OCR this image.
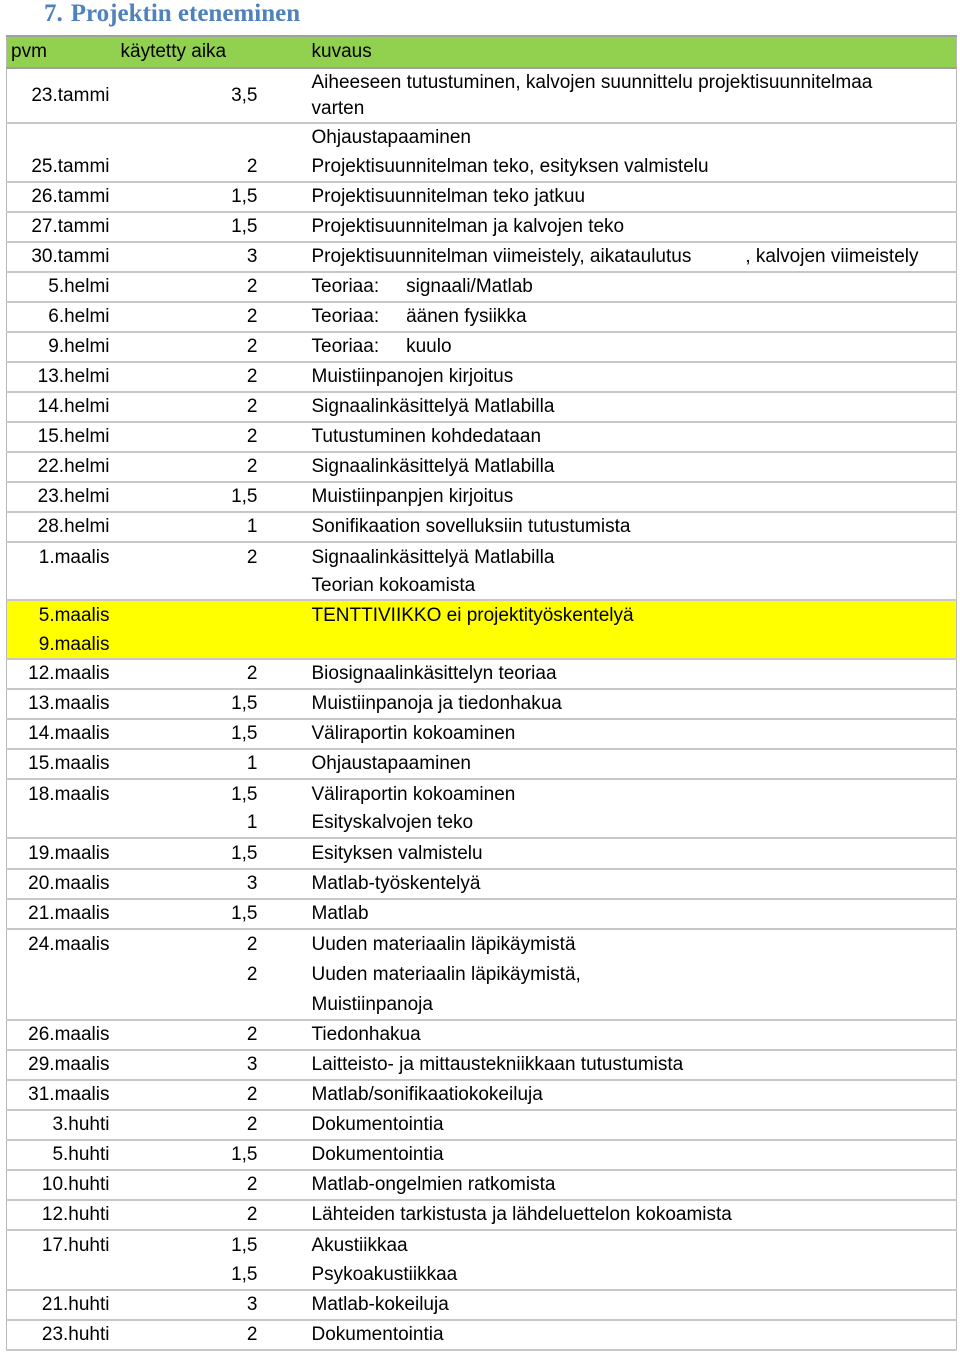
7. Projektin eteneminen
pvm	käytetty aika	kuvaus
23.tammi	3,5	Aiheeseen tutustuminen, kalvojen suunnittelu projektisuunnitelmaa
varten
		Ohjaustapaaminen
25.tammi	2	Projektisuunnitelman teko, esityksen valmistelu
26.tammi	1,5	Projektisuunnitelman teko jatkuu
27.tammi	1,5	Projektisuunnitelman ja kalvojen teko
30.tammi	3	Projektisuunnitelman viimeistely, aikataulutus , kalvojen viimeistely
5.helmi	2	Teoriaa: signaali/Matlab
6.helmi	2	Teoriaa: äänen fysiikka
9.helmi	2	Teoriaa: kuulo
13.helmi	2	Muistiinpanojen kirjoitus
14.helmi	2	Signaalinkäsittelyä Matlabilla
15.helmi	2	Tutustuminen kohdedataan
22.helmi	2	Signaalinkäsittelyä Matlabilla
23.helmi	1,5	Muistiinpanpjen kirjoitus
28.helmi	1	Sonifikaation sovelluksiin tutustumista
1.maalis	2	Signaalinkäsittelyä Matlabilla
		Teorian kokoamista
5.maalis		TENTTIVIIKKO ei projektityöskentelyä
9.maalis		
12.maalis	2	Biosignaalinkäsittelyn teoriaa
13.maalis	1,5	Muistiinpanoja ja tiedonhakua
14.maalis	1,5	Väliraportin kokoaminen
15.maalis	1	Ohjaustapaaminen
18.maalis	1,5	Väliraportin kokoaminen
	1	Esityskalvojen teko
19.maalis	1,5	Esityksen valmistelu
20.maalis	3	Matlab-työskentelyä
21.maalis	1,5	Matlab
24.maalis	2	Uuden materiaalin läpikäymistä
	2	Uuden materiaalin läpikäymistä,
		Muistiinpanoja
26.maalis	2	Tiedonhakua
29.maalis	3	Laitteisto- ja mittaustekniikkaan tutustumista
31.maalis	2	Matlab/sonifikaatiokokeiluja
3.huhti	2	Dokumentointia
5.huhti	1,5	Dokumentointia
10.huhti	2	Matlab-ongelmien ratkomista
12.huhti	2	Lähteiden tarkistusta ja lähdeluettelon kokoamista
17.huhti	1,5	Akustiikkaa
	1,5	Psykoakustiikkaa
21.huhti	3	Matlab-kokeiluja
23.huhti	2	Dokumentointia
